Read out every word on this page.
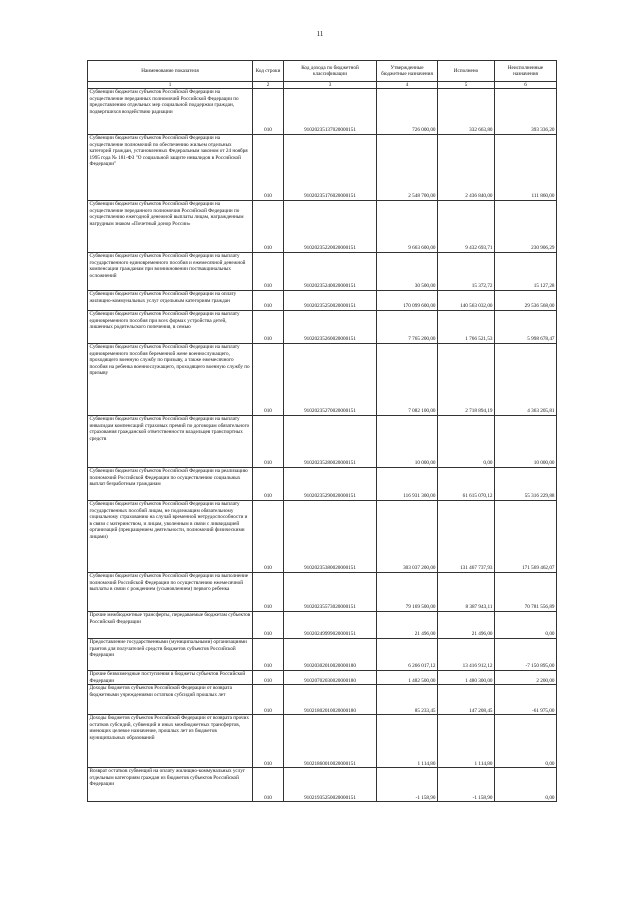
11
Наименование показателя	Код строки	Код дохода по бюджетной классификации	Утвержденные бюджетные назначения	Исполнено	Неисполненные назначения
1	2	3	4	5	6
Субвенции бюджетам субъектов Российской Федерации на осуществление переданных полномочий Российской Федерации по предоставлению отдельных мер социальной поддержки граждан, подвергшихся воздействию радиации	010	91020235137020000151	726 000,00	332 663,80	393 336,20
Субвенции бюджетам субъектов Российской Федерации на осуществление полномочий по обеспечению жильем отдельных категорий граждан, установленных Федеральным законом от 24 ноября 1995 года № 181-ФЗ "О социальной защите инвалидов в Российской Федерации"	010	91020235176020000151	2 548 700,00	2 436 840,00	111 860,00
Субвенции бюджетам субъектов Российской Федерации на осуществление переданного полномочия Российской Федерации по осуществлению ежегодной денежной выплаты лицам, награжденным нагрудным знаком «Почетный донор России»	010	91020235220020000151	9 663 600,00	9 432 693,71	230 906,29
Субвенции бюджетам субъектов Российской Федерации на выплату государственного единовременного пособия и ежемесячной денежной компенсации гражданам при возникновении поствакцинальных осложнений	010	91020235240020000151	30 500,00	15 372,72	15 127,28
Субвенции бюджетам субъектов Российской Федерации на оплату жилищно-коммунальных услуг отдельным категориям граждан	010	91020235250020000151	170 099 600,00	140 563 032,00	29 536 568,00
Субвенции бюджетам субъектов Российской Федерации на выплату единовременного пособия при всех формах устройства детей, лишенных родительского попечения, в семью	010	91020235260020000151	7 765 200,00	1 766 521,53	5 998 678,47
Субвенции бюджетам субъектов Российской Федерации на выплату единовременного пособия беременной жене военнослужащего, проходящего военную службу по призыву, а также ежемесячного пособия на ребенка военнослужащего, проходящего военную службу по призыву	010	91020235270020000151	7 082 100,00	2 718 894,19	4 363 205,81
Субвенции бюджетам субъектов Российской Федерации на выплату инвалидам компенсаций страховых премий по договорам обязательного страхования гражданской ответственности владельцев транспортных средств	010	91020235280020000151	10 000,00	0,00	10 000,00
Субвенции бюджетам субъектов Российской Федерации на реализацию полномочий Российской Федерации по осуществлению социальных выплат безработным гражданам	010	91020235290020000151	116 931 300,00	61 615 070,12	55 316 229,88
Субвенции бюджетам субъектов Российской Федерации на выплату государственных пособий лицам, не подлежащим обязательному социальному страхованию на случай временной нетрудоспособности и в связи с материнством, и лицам, уволенным в связи с ликвидацией организаций (прекращением деятельности, полномочий физическими лицами)	010	91020235380020000151	303 037 200,00	131 467 737,93	171 569 462,07
Субвенции бюджетам субъектов Российской Федерации на выполнение полномочий Российской Федерации по осуществлению ежемесячной выплаты в связи с рождением (усыновлением) первого ребенка	010	91020235573020000151	79 169 500,00	8 387 943,11	70 781 556,89
Прочие межбюджетные трансферты, передаваемые бюджетам субъектов Российской Федерации	010	91020249999020000151	21 496,00	21 496,00	0,00
Предоставление государственными (муниципальными) организациями грантов для получателей средств бюджетов субъектов Российской Федерации	010	91020302010020000180	6 266 017,12	13 416 912,12	-7 150 895,00
Прочие безвозмездные поступления в бюджеты субъектов Российской Федерации	010	91020702030020000180	1 482 500,00	1 480 300,00	2 200,00
Доходы бюджетов субъектов Российской Федерации от возврата бюджетными учреждениями остатков субсидий прошлых лет	010	91021802010020000180	85 233,45	147 208,45	-61 975,00
Доходы бюджетов субъектов Российской Федерации от возврата прочих остатков субсидий, субвенций и иных межбюджетных трансфертов, имеющих целевое назначение, прошлых лет из бюджетов муниципальных образований	010	91021860010020000151	1 114,80	1 114,80	0,00
Возврат остатков субвенций на оплату жилищно-коммунальных услуг отдельным категориям граждан из бюджетов субъектов Российской Федерации	010	91021935250020000151	-1 158,90	-1 158,90	0,00
